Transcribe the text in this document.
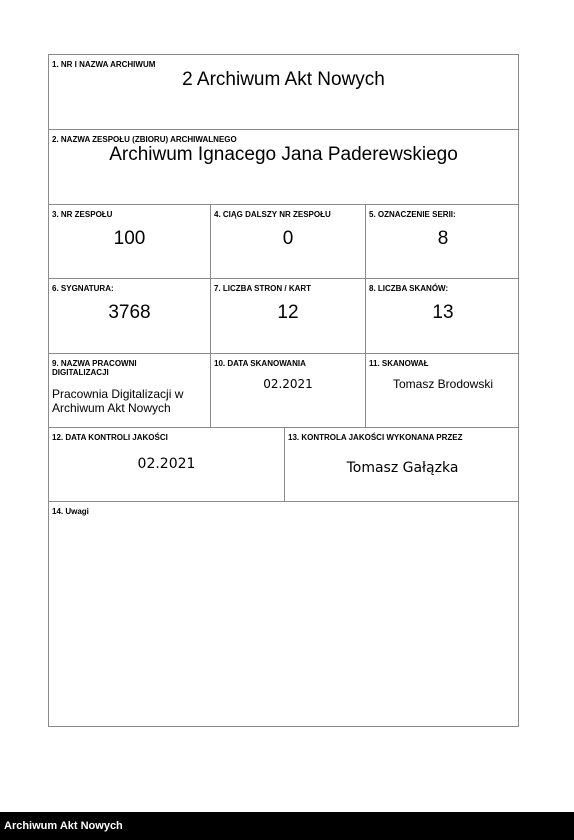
1. NR I NAZWA ARCHIWUM
2 Archiwum Akt Nowych
2. NAZWA ZESPOŁU (ZBIORU) ARCHIWALNEGO
Archiwum Ignacego Jana Paderewskiego
3. NR ZESPOŁU
100
4. CIĄG DALSZY NR ZESPOŁU
0
5. OZNACZENIE SERII:
8
6. SYGNATURA:
3768
7. LICZBA STRON / KART
12
8. LICZBA SKANÓW:
13
9. NAZWA PRACOWNI DIGITALIZACJI
Pracownia Digitalizacji w Archiwum Akt Nowych
10. DATA SKANOWANIA
02.2021
11. SKANOWAŁ
Tomasz Brodowski
12. DATA KONTROLI JAKOŚCI
02.2021
13. KONTROLA JAKOŚCI WYKONANA PRZEZ
Tomasz Gałązka
14. Uwagi
Archiwum Akt Nowych
